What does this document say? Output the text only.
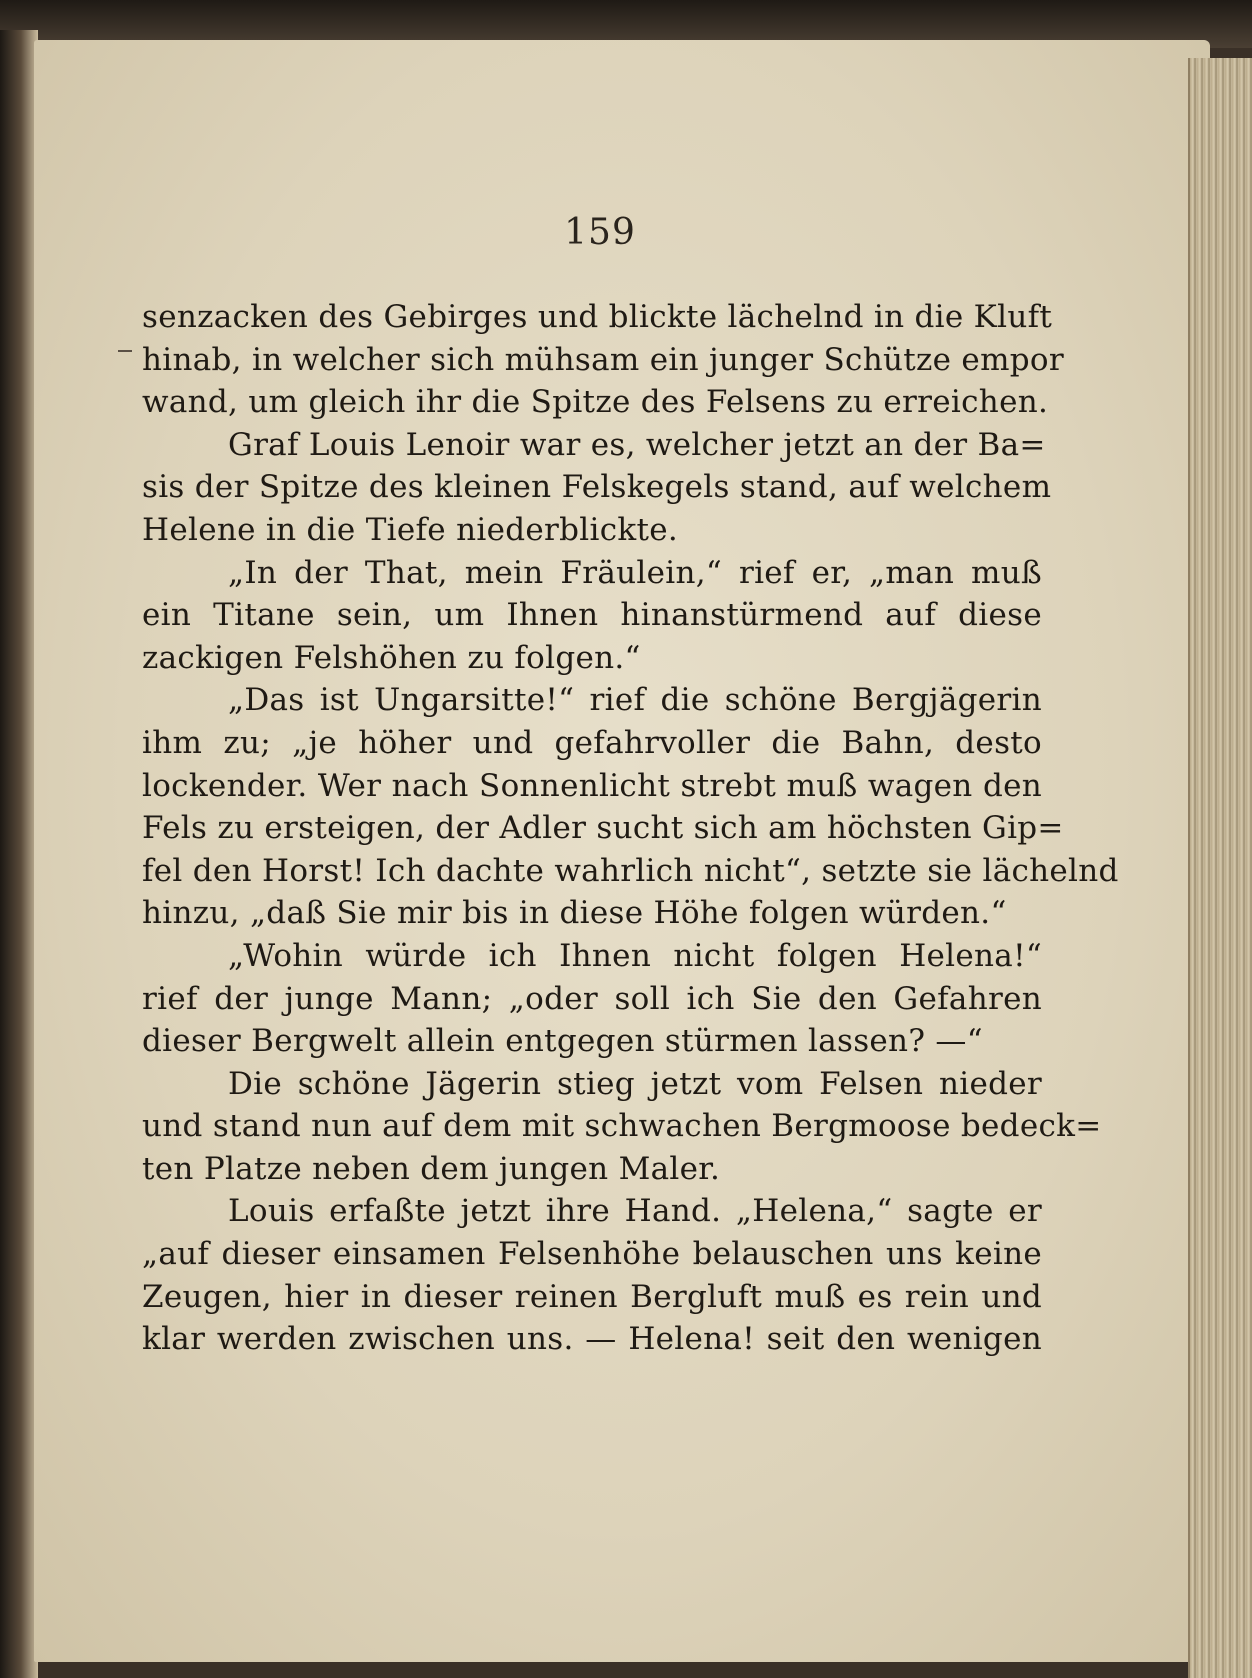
159
senzacken des Gebirges und blickte lächelnd in die Kluft
hinab, in welcher sich mühsam ein junger Schütze empor
wand, um gleich ihr die Spitze des Felsens zu erreichen.
Graf Louis Lenoir war es, welcher jetzt an der Ba=
sis der Spitze des kleinen Felskegels stand, auf welchem
Helene in die Tiefe niederblickte.
„In der That, mein Fräulein,“ rief er, „man muß
ein Titane sein, um Ihnen hinanstürmend auf diese
zackigen Felshöhen zu folgen.“
„Das ist Ungarsitte!“ rief die schöne Bergjägerin
ihm zu; „je höher und gefahrvoller die Bahn, desto
lockender. Wer nach Sonnenlicht strebt muß wagen den
Fels zu ersteigen, der Adler sucht sich am höchsten Gip=
fel den Horst! Ich dachte wahrlich nicht“, setzte sie lächelnd
hinzu, „daß Sie mir bis in diese Höhe folgen würden.“
„Wohin würde ich Ihnen nicht folgen Helena!“
rief der junge Mann; „oder soll ich Sie den Gefahren
dieser Bergwelt allein entgegen stürmen lassen? —“
Die schöne Jägerin stieg jetzt vom Felsen nieder
und stand nun auf dem mit schwachen Bergmoose bedeck=
ten Platze neben dem jungen Maler.
Louis erfaßte jetzt ihre Hand. „Helena,“ sagte er
„auf dieser einsamen Felsenhöhe belauschen uns keine
Zeugen, hier in dieser reinen Bergluft muß es rein und
klar werden zwischen uns. — Helena! seit den wenigen
